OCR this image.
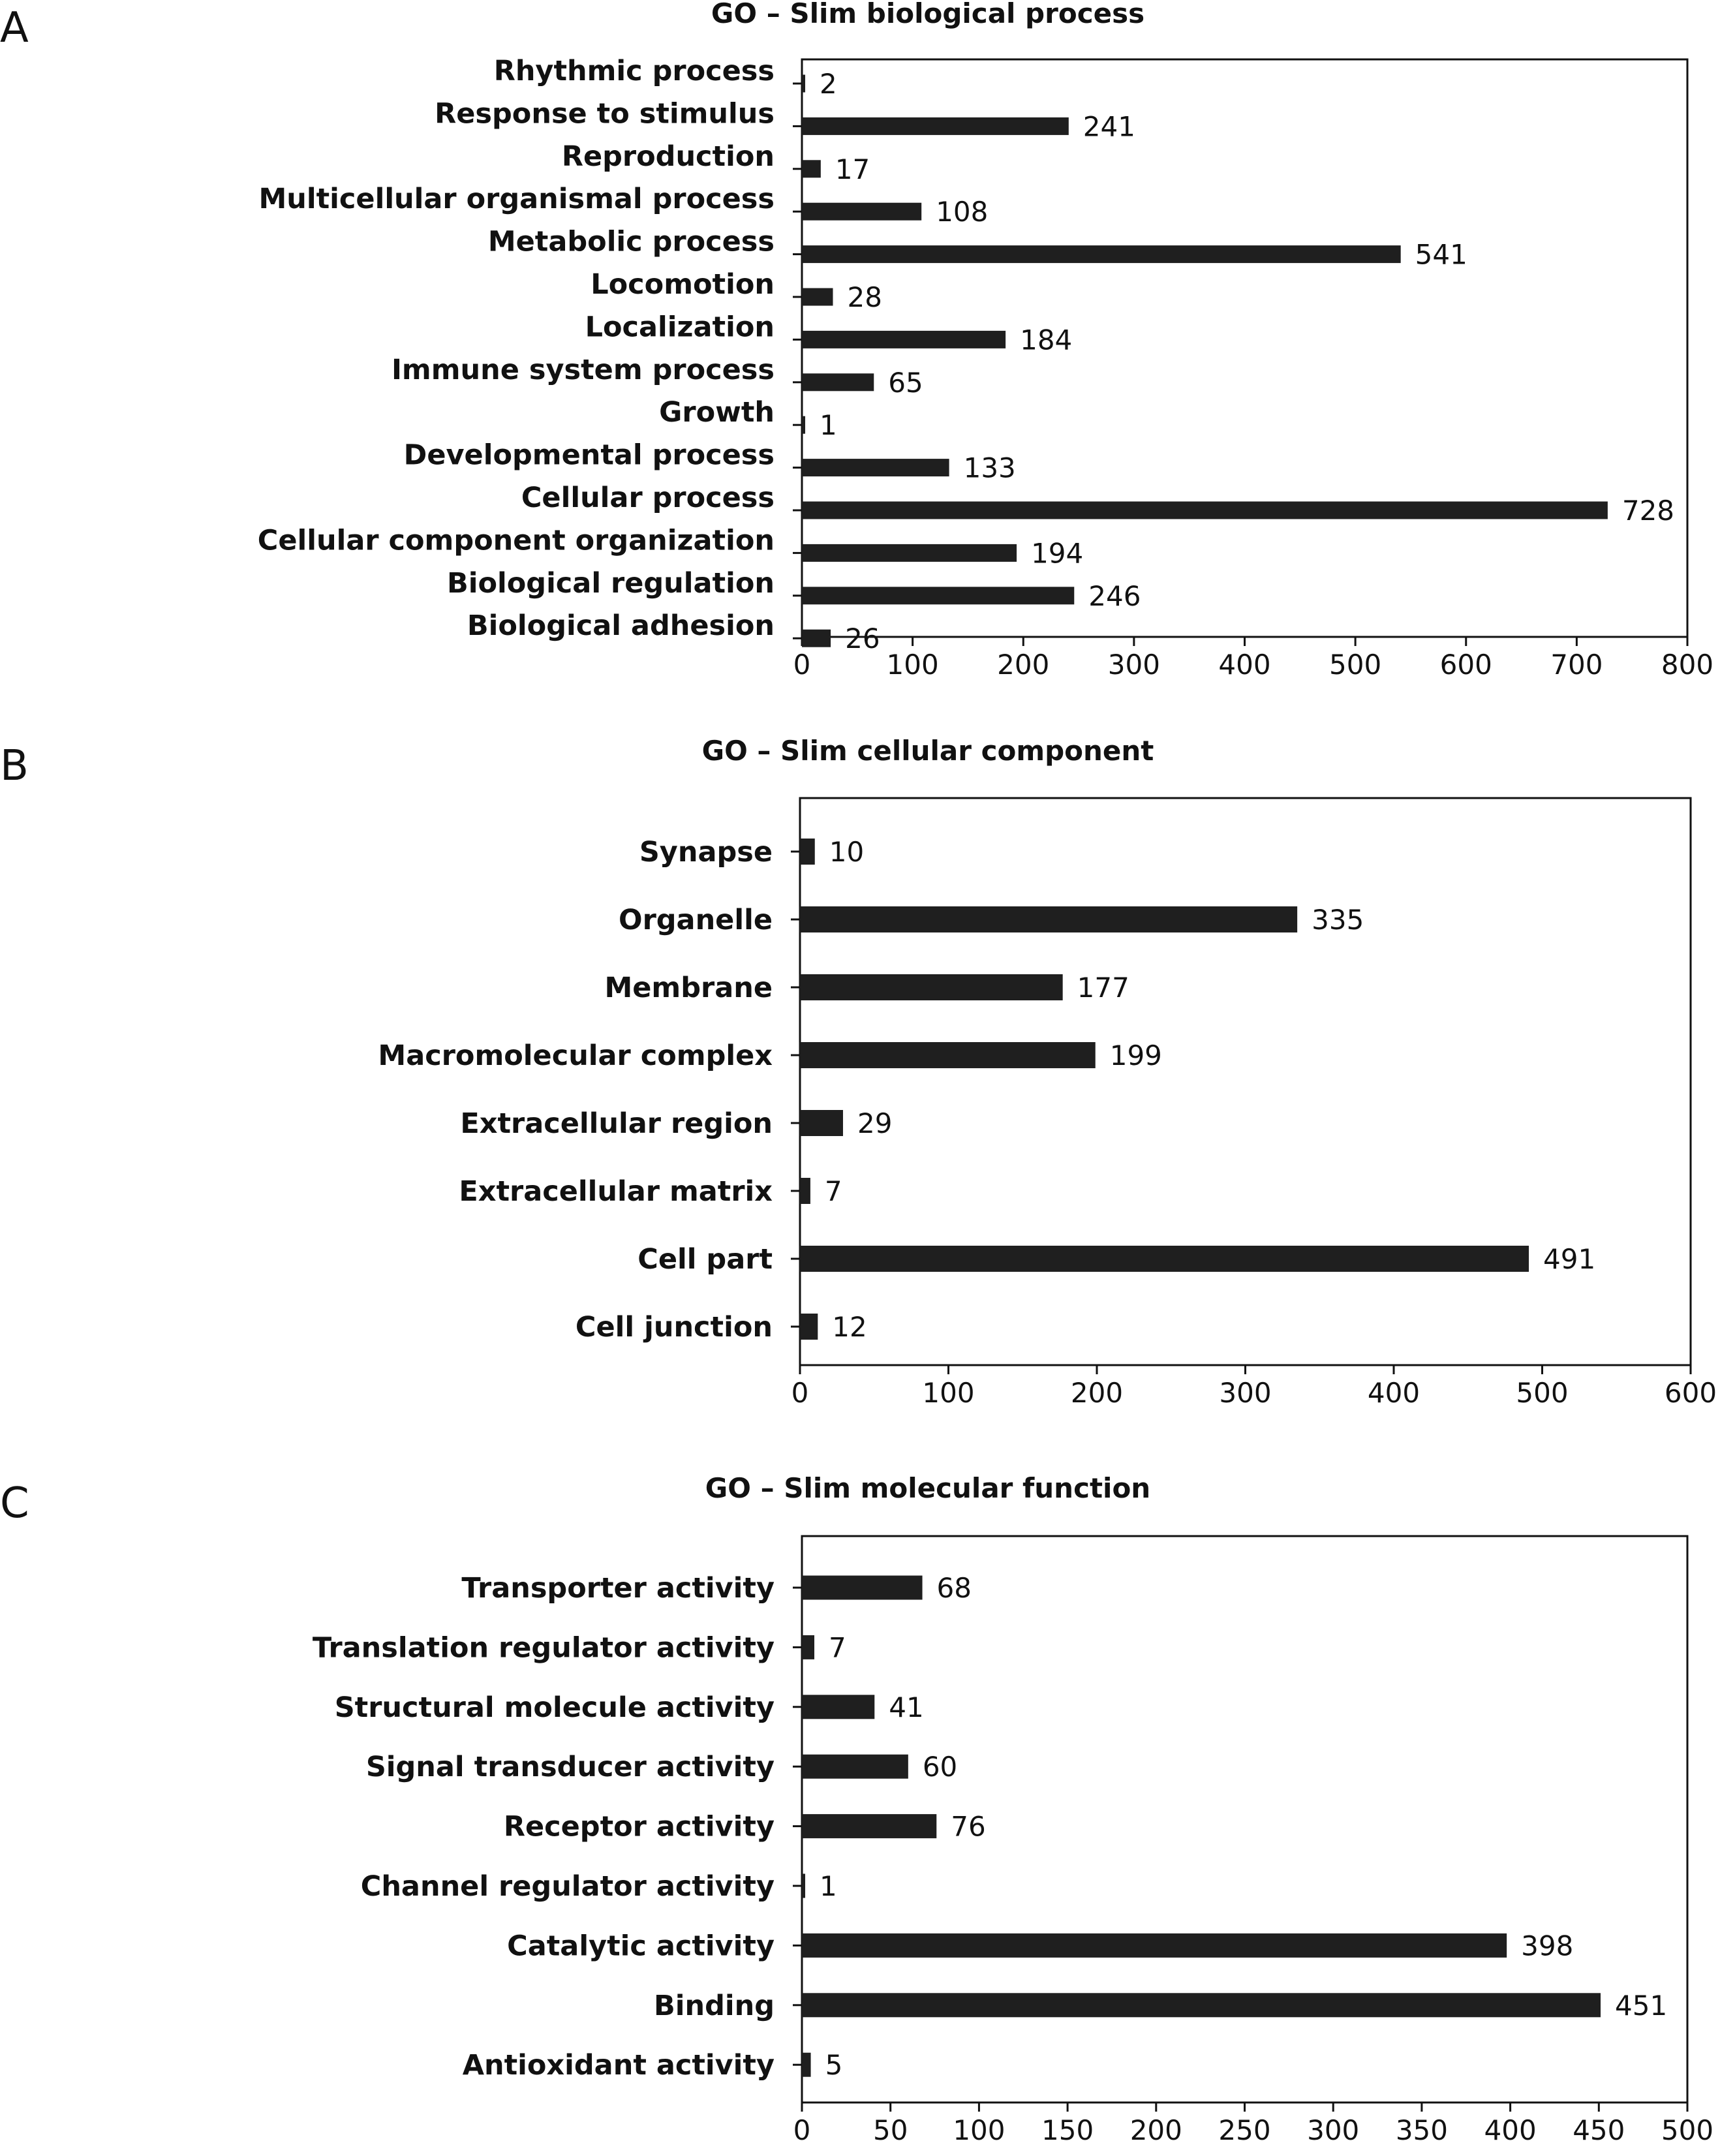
A	GO – Slim biological process
0	100 200 300 400 500 600 700 800
Rhythmic process 2
Response to stimulus	241
Reproduction 17
Multicellular organismal process	108
Metabolic process	541
Locomotion	28
Localization	184
Immune system process	65
Growth 1
Developmental process	133
Cellular process	728
Cellular component organization	194
Biological regulation	246
Biological adhesion	26
B	GO – Slim cellular component
0	100	200	300	400	500	600
Synapse 10
Organelle	335
Membrane	177
Macromolecular complex	199
Extracellular region	29
Extracellular matrix 7
Cell part	491
Cell junction 12
C	GO – Slim molecular function
0 50 100 150 200 250 300 350 400 450 500
Transporter activity	68
Translation regulator activity 7
Structural molecule activity	41
Signal transducer activity	60
Receptor activity	76
Channel regulator activity 1
Catalytic activity	398
Binding	451
Antioxidant activity 5
